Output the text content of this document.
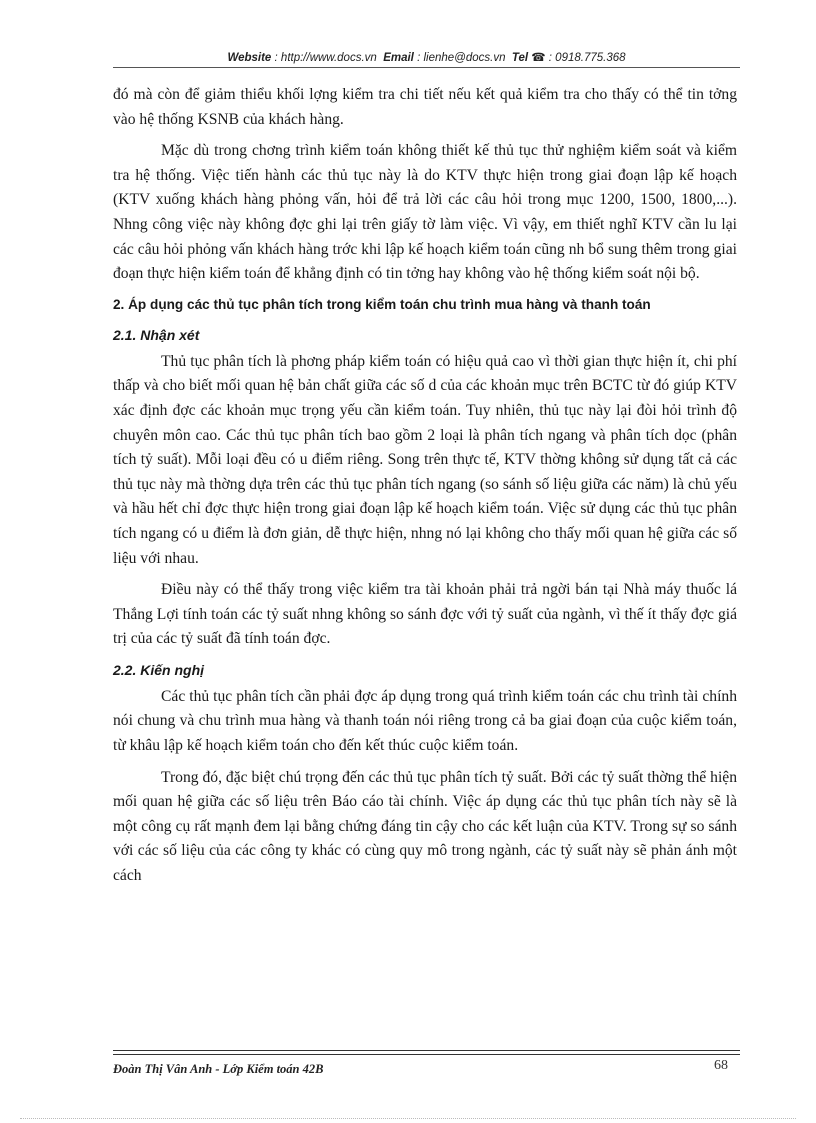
Website : http://www.docs.vn Email : lienhe@docs.vn Tel ☎ : 0918.775.368

đó mà còn để giảm thiểu khối lợng kiểm tra chi tiết nếu kết quả kiểm tra cho thấy có thể tin tởng vào hệ thống KSNB của khách hàng.

Mặc dù trong chơng trình kiểm toán không thiết kế thủ tục thử nghiệm kiểm soát và kiểm tra hệ thống. Việc tiến hành các thủ tục này là do KTV thực hiện trong giai đoạn lập kế hoạch (KTV xuống khách hàng phỏng vấn, hỏi để trả lời các câu hỏi trong mục 1200, 1500, 1800,...). Nhng công việc này không đợc ghi lại trên giấy tờ làm việc. Vì vậy, em thiết nghĩ KTV cần lu lại các câu hỏi phỏng vấn khách hàng trớc khi lập kế hoạch kiểm toán cũng nh bổ sung thêm trong giai đoạn thực hiện kiểm toán để khẳng định có tin tởng hay không vào hệ thống kiểm soát nội bộ.

2. Áp dụng các thủ tục phân tích trong kiểm toán chu trình mua hàng và thanh toán
2.1. Nhận xét

Thủ tục phân tích là phơng pháp kiểm toán có hiệu quả cao vì thời gian thực hiện ít, chi phí thấp và cho biết mối quan hệ bản chất giữa các số d của các khoản mục trên BCTC từ đó giúp KTV xác định đợc các khoản mục trọng yếu cần kiểm toán. Tuy nhiên, thủ tục này lại đòi hỏi trình độ chuyên môn cao. Các thủ tục phân tích bao gồm 2 loại là phân tích ngang và phân tích dọc (phân tích tỷ suất). Mỗi loại đều có u điểm riêng. Song trên thực tế, KTV thờng không sử dụng tất cả các thủ tục này mà thờng dựa trên các thủ tục phân tích ngang (so sánh số liệu giữa các năm) là chủ yếu và hầu hết chỉ đợc thực hiện trong giai đoạn lập kế hoạch kiểm toán. Việc sử dụng các thủ tục phân tích ngang có u điểm là đơn giản, dễ thực hiện, nhng nó lại không cho thấy mối quan hệ giữa các số liệu với nhau.

Điều này có thể thấy trong việc kiểm tra tài khoản phải trả ngời bán tại Nhà máy thuốc lá Thắng Lợi tính toán các tỷ suất nhng không so sánh đợc với tỷ suất của ngành, vì thế ít thấy đợc giá trị của các tỷ suất đã tính toán đợc.

2.2. Kiến nghị

Các thủ tục phân tích cần phải đợc áp dụng trong quá trình kiểm toán các chu trình tài chính nói chung và chu trình mua hàng và thanh toán nói riêng trong cả ba giai đoạn của cuộc kiểm toán, từ khâu lập kế hoạch kiểm toán cho đến kết thúc cuộc kiểm toán.

Trong đó, đặc biệt chú trọng đến các thủ tục phân tích tỷ suất. Bởi các tỷ suất thờng thể hiện mối quan hệ giữa các số liệu trên Báo cáo tài chính. Việc áp dụng các thủ tục phân tích này sẽ là một công cụ rất mạnh đem lại bằng chứng đáng tin cậy cho các kết luận của KTV. Trong sự so sánh với các số liệu của các công ty khác có cùng quy mô trong ngành, các tỷ suất này sẽ phản ánh một cách

Đoàn Thị Vân Anh - Lớp Kiểm toán 42B	68
